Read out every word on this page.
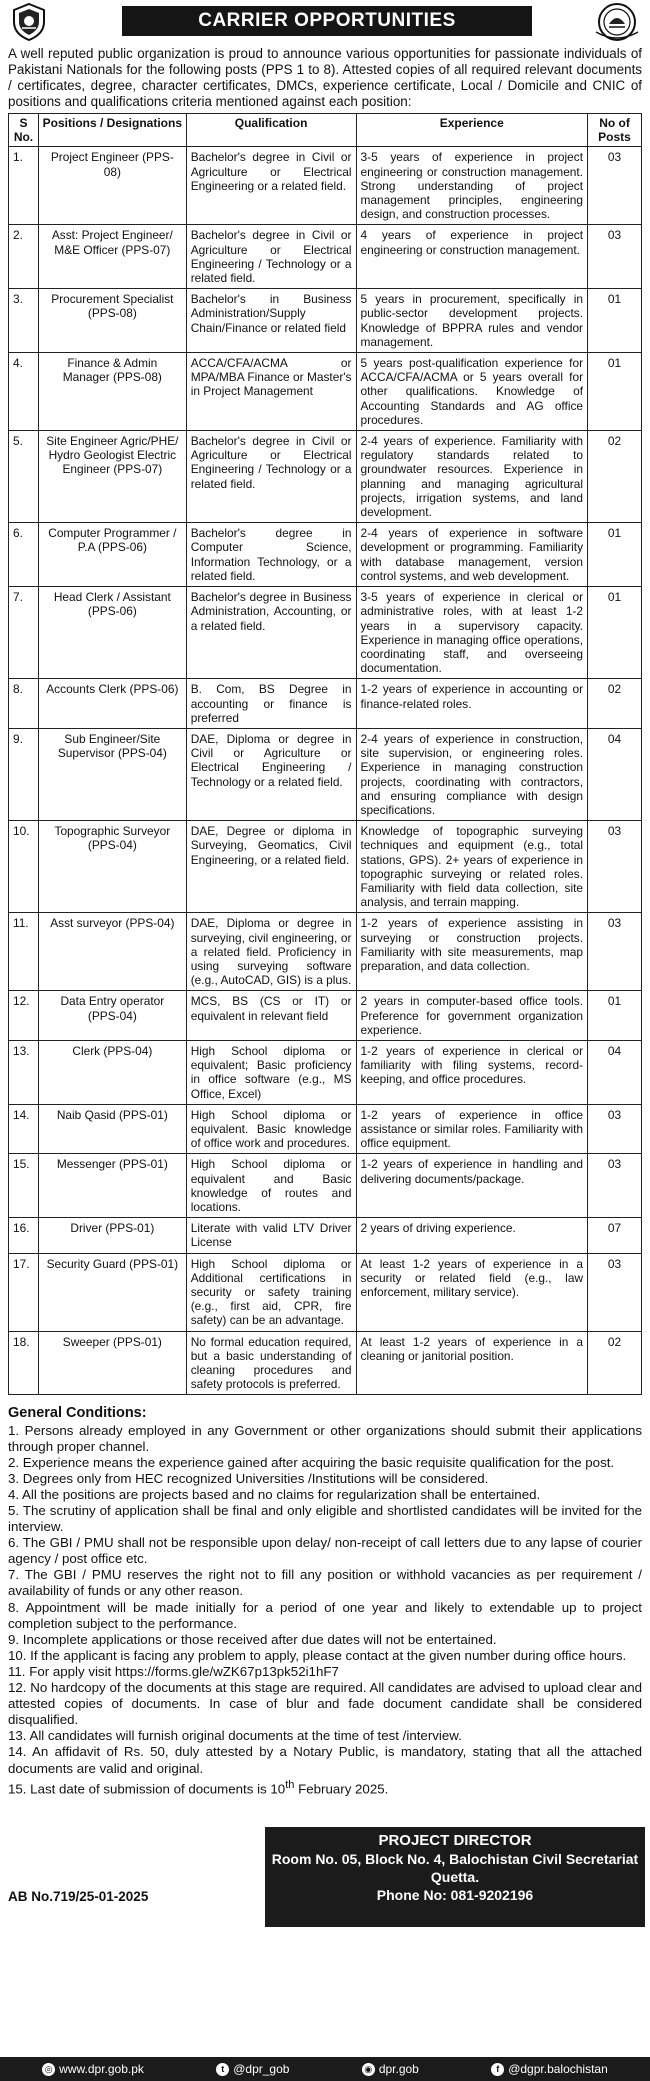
CARRIER OPPORTUNITIES
A well reputed public organization is proud to announce various opportunities for passionate individuals of Pakistani Nationals for the following posts (PPS 1 to 8). Attested copies of all required relevant documents / certificates, degree, character certificates, DMCs, experience certificate, Local / Domicile and CNIC of positions and qualifications criteria mentioned against each position:
S No.	Positions / Designations	Qualification	Experience	No of Posts
1.	Project Engineer (PPS-08)	Bachelor's degree in Civil or Agriculture or Electrical Engineering or a related field.	3-5 years of experience in project engineering or construction management. Strong understanding of project management principles, engineering design, and construction processes.	03
2.	Asst: Project Engineer/ M&E Officer (PPS-07)	Bachelor's degree in Civil or Agriculture or Electrical Engineering / Technology or a related field.	4 years of experience in project engineering or construction management.	03
3.	Procurement Specialist (PPS-08)	Bachelor's in Business Administration/Supply Chain/Finance or related field	5 years in procurement, specifically in public-sector development projects. Knowledge of BPPRA rules and vendor management.	01
4.	Finance & Admin Manager (PPS-08)	ACCA/CFA/ACMA or MPA/MBA Finance or Master's in Project Management	5 years post-qualification experience for ACCA/CFA/ACMA or 5 years overall for other qualifications. Knowledge of Accounting Standards and AG office procedures.	01
5.	Site Engineer Agric/PHE/ Hydro Geologist Electric Engineer (PPS-07)	Bachelor's degree in Civil or Agriculture or Electrical Engineering / Technology or a related field.	2-4 years of experience. Familiarity with regulatory standards related to groundwater resources. Experience in planning and managing agricultural projects, irrigation systems, and land development.	02
6.	Computer Programmer / P.A (PPS-06)	Bachelor's degree in Computer Science, Information Technology, or a related field.	2-4 years of experience in software development or programming. Familiarity with database management, version control systems, and web development.	01
7.	Head Clerk / Assistant (PPS-06)	Bachelor's degree in Business Administration, Accounting, or a related field.	3-5 years of experience in clerical or administrative roles, with at least 1-2 years in a supervisory capacity. Experience in managing office operations, coordinating staff, and overseeing documentation.	01
8.	Accounts Clerk (PPS-06)	B. Com, BS Degree in accounting or finance is preferred	1-2 years of experience in accounting or finance-related roles.	02
9.	Sub Engineer/Site Supervisor (PPS-04)	DAE, Diploma or degree in Civil or Agriculture or Electrical Engineering / Technology or a related field.	2-4 years of experience in construction, site supervision, or engineering roles. Experience in managing construction projects, coordinating with contractors, and ensuring compliance with design specifications.	04
10.	Topographic Surveyor (PPS-04)	DAE, Degree or diploma in Surveying, Geomatics, Civil Engineering, or a related field.	Knowledge of topographic surveying techniques and equipment (e.g., total stations, GPS). 2+ years of experience in topographic surveying or related roles. Familiarity with field data collection, site analysis, and terrain mapping.	03
11.	Asst surveyor (PPS-04)	DAE, Diploma or degree in surveying, civil engineering, or a related field. Proficiency in using surveying software (e.g., AutoCAD, GIS) is a plus.	1-2 years of experience assisting in surveying or construction projects. Familiarity with site measurements, map preparation, and data collection.	03
12.	Data Entry operator (PPS-04)	MCS, BS (CS or IT) or equivalent in relevant field	2 years in computer-based office tools. Preference for government organization experience.	01
13.	Clerk (PPS-04)	High School diploma or equivalent; Basic proficiency in office software (e.g., MS Office, Excel)	1-2 years of experience in clerical or familiarity with filing systems, record-keeping, and office procedures.	04
14.	Naib Qasid (PPS-01)	High School diploma or equivalent. Basic knowledge of office work and procedures.	1-2 years of experience in office assistance or similar roles. Familiarity with office equipment.	03
15.	Messenger (PPS-01)	High School diploma or equivalent and Basic knowledge of routes and locations.	1-2 years of experience in handling and delivering documents/package.	03
16.	Driver (PPS-01)	Literate with valid LTV Driver License	2 years of driving experience.	07
17.	Security Guard (PPS-01)	High School diploma or Additional certifications in security or safety training (e.g., first aid, CPR, fire safety) can be an advantage.	At least 1-2 years of experience in a security or related field (e.g., law enforcement, military service).	03
18.	Sweeper (PPS-01)	No formal education required, but a basic understanding of cleaning procedures and safety protocols is preferred.	At least 1-2 years of experience in a cleaning or janitorial position.	02
General Conditions:
1. Persons already employed in any Government or other organizations should submit their applications through proper channel.
2. Experience means the experience gained after acquiring the basic requisite qualification for the post.
3. Degrees only from HEC recognized Universities /Institutions will be considered.
4. All the positions are projects based and no claims for regularization shall be entertained.
5. The scrutiny of application shall be final and only eligible and shortlisted candidates will be invited for the interview.
6. The GBI / PMU shall not be responsible upon delay/ non-receipt of call letters due to any lapse of courier agency / post office etc.
7. The GBI / PMU reserves the right not to fill any position or withhold vacancies as per requirement / availability of funds or any other reason.
8. Appointment will be made initially for a period of one year and likely to extendable up to project completion subject to the performance.
9. Incomplete applications or those received after due dates will not be entertained.
10. If the applicant is facing any problem to apply, please contact at the given number during office hours.
11. For apply visit https://forms.gle/wZK67p13pk52i1hF7
12. No hardcopy of the documents at this stage are required. All candidates are advised to upload clear and attested copies of documents. In case of blur and fade document candidate shall be considered disqualified.
13. All candidates will furnish original documents at the time of test /interview.
14. An affidavit of Rs. 50, duly attested by a Notary Public, is mandatory, stating that all the attached documents are valid and original.
15. Last date of submission of documents is 10th February 2025.
AB No.719/25-01-2025
PROJECT DIRECTOR
Room No. 05, Block No. 4, Balochistan Civil Secretariat Quetta.
Phone No: 081-9202196
◎ www.dpr.gob.pk	t @dpr_gob	◉ dpr.gob	f @dgpr.balochistan
